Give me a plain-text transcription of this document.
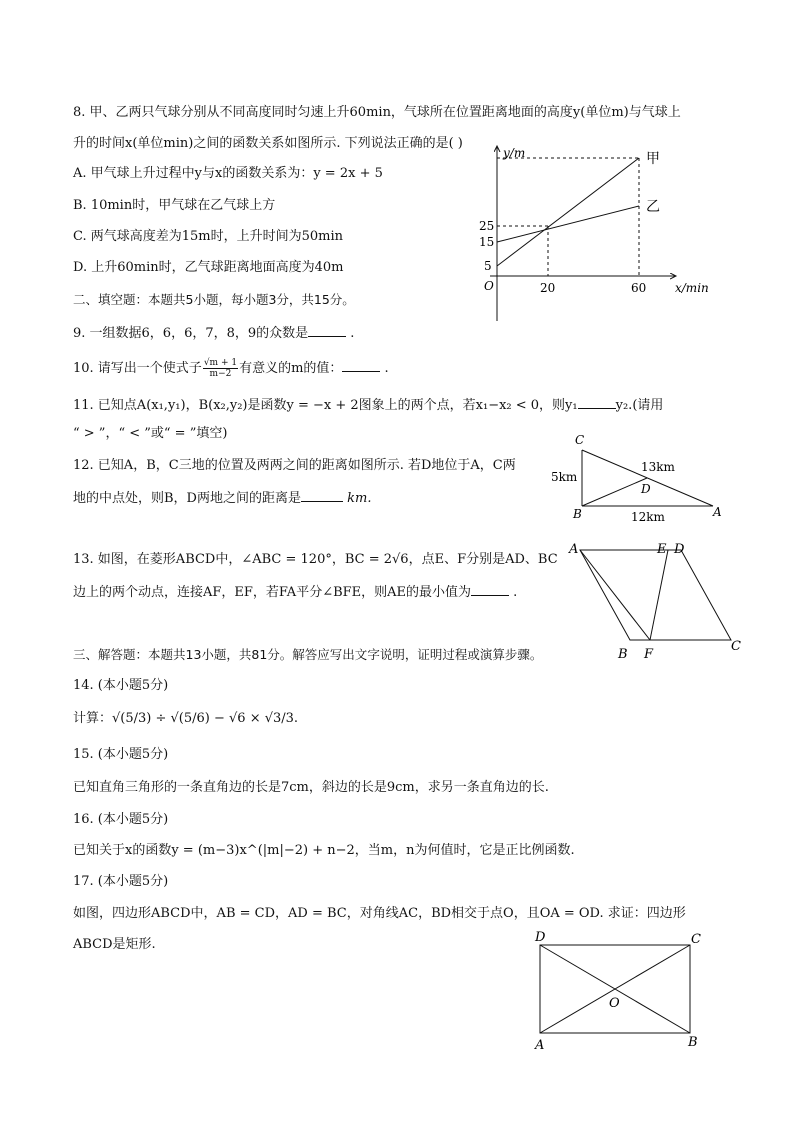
8. 甲、乙两只气球分别从不同高度同时匀速上升60min，气球所在位置距离地面的高度y(单位m)与气球上
升的时间x(单位min)之间的函数关系如图所示. 下列说法正确的是( )
A. 甲气球上升过程中y与x的函数关系为：y = 2x + 5
B. 10min时，甲气球在乙气球上方
C. 两气球高度差为15m时，上升时间为50min
D. 上升60min时，乙气球距离地面高度为40m
y/m
x/min
O
25
15
5
20	60
甲
乙
二、填空题：本题共5小题，每小题3分，共15分。
9. 一组数据6，6，6，7，8，9的众数是	.
10. 请写出一个使式子 $\frac{√m + 1}{m-2}$ 有意义的m的值：	.
11. 已知点A(x₁,y₁)，B(x₂,y₂)是函数y = −x + 2图象上的两个点，若x₁−x₂ < 0，则y₁	y₂.(请用
“ > ”，“ < ”或“ = ”填空)
12. 已知A，B，C三地的位置及两两之间的距离如图所示. 若D地位于A，C两
地的中点处，则B，D两地之间的距离是	km.
C
B	A
D
5km
13km
12km
13. 如图，在菱形ABCD中，∠ABC = 120°，BC = 2√6，点E、F分别是AD、BC
边上的两个动点，连接AF，EF，若FA平分∠BFE，则AE的最小值为	.
A	E D
B F
C
三、解答题：本题共13小题，共81分。解答应写出文字说明，证明过程或演算步骤。
14. (本小题5分)
计算：√(5/3) ÷ √(5/6) − √6 × √3/3.
15. (本小题5分)
已知直角三角形的一条直角边的长是7cm，斜边的长是9cm，求另一条直角边的长.
16. (本小题5分)
已知关于x的函数y = (m−3)x^(|m|−2) + n−2，当m，n为何值时，它是正比例函数.
17. (本小题5分)
如图，四边形ABCD中，AB = CD，AD = BC，对角线AC，BD相交于点O，且OA = OD. 求证：四边形
ABCD是矩形.	D	C
A	B
O
